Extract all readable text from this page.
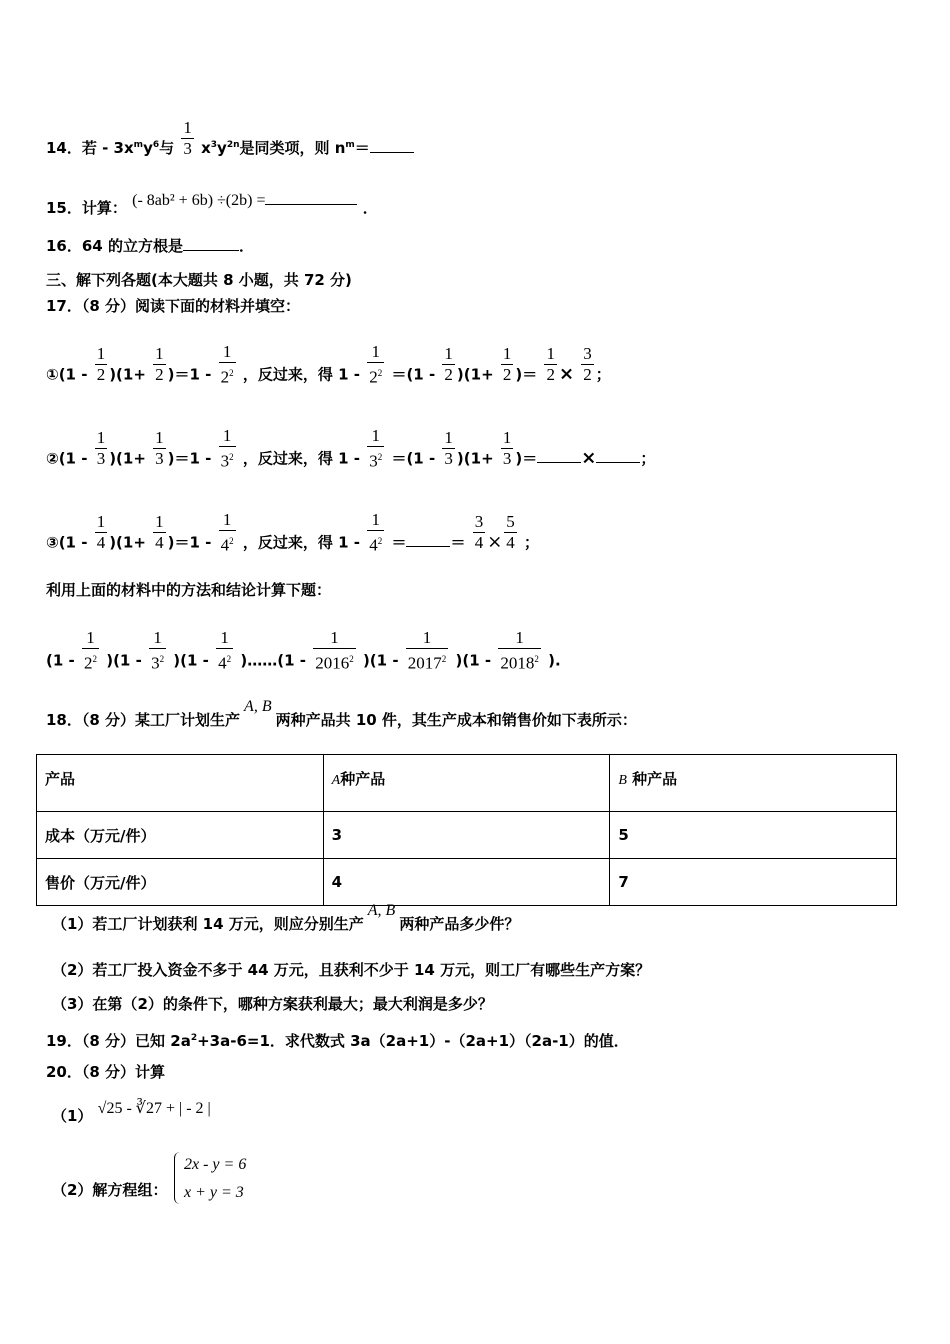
14．若 - $3x^my^6$与 $\frac{1}{3} x^3y^{2n}$是同类项，则 $n^m=$
15．计算： (- 8ab² + 6b) ÷(2b) =	．
16．64 的立方根是	．
三、解下列各题(本大题共 8 小题，共 72 分)
17．（8 分）阅读下面的材料并填空：
①(1 - $\frac{1}{2} )(1+ \frac{1}{2} )=1 - \frac{1}{2^2}$ ，反过来，得 $1 - \frac{1}{2^2} =(1 - \frac{1}{2} )(1+ \frac{1}{2}$ )＝ $\frac{1}{2} \times \frac{3}{2}$ ；
②(1 - $\frac{1}{3} )(1+ \frac{1}{3} )=1 - \frac{1}{3^2}$ ，反过来，得 $1 - \frac{1}{3^2} =(1 - \frac{1}{3} )(1+ \frac{1}{3}$ )＝ ×	；
③(1 - $\frac{1}{4} )(1+ \frac{1}{4} )=1 - \frac{1}{4^2}$ ，反过来，得 $1 - \frac{1}{4^2}$ ＝	＝ $\frac{3}{4} \times \frac{5}{4}$ ；
利用上面的材料中的方法和结论计算下题：
$(1 - \frac{1}{2^2} )(1 - \frac{1}{3^2} )(1 - \frac{1}{4^2}$ )……(1 - $\frac{1}{2016^2} )(1 - \frac{1}{2017^2} )(1 - \frac{1}{2018^2}$ ).
18．（8 分）某工厂计划生产A, B两种产品共 10 件，其生产成本和销售价如下表所示：
产品	A种产品	B 种产品
成本（万元/件）	3	5
售价（万元/件）	4	7
（1）若工厂计划获利 14 万元，则应分别生产A, B两种产品多少件？
（2）若工厂投入资金不多于 44 万元，且获利不少于 14 万元，则工厂有哪些生产方案？
（3）在第（2）的条件下，哪种方案获利最大；最大利润是多少？
19．（8 分）已知 $2a^2+3a-6=1$．求代数式 3a（2a+1）-（2a+1）（2a-1）的值．
20．（8 分）计算
（1） √25 - ∛27 + | - 2 |
（2）解方程组：
2x - y = 6
x + y = 3
